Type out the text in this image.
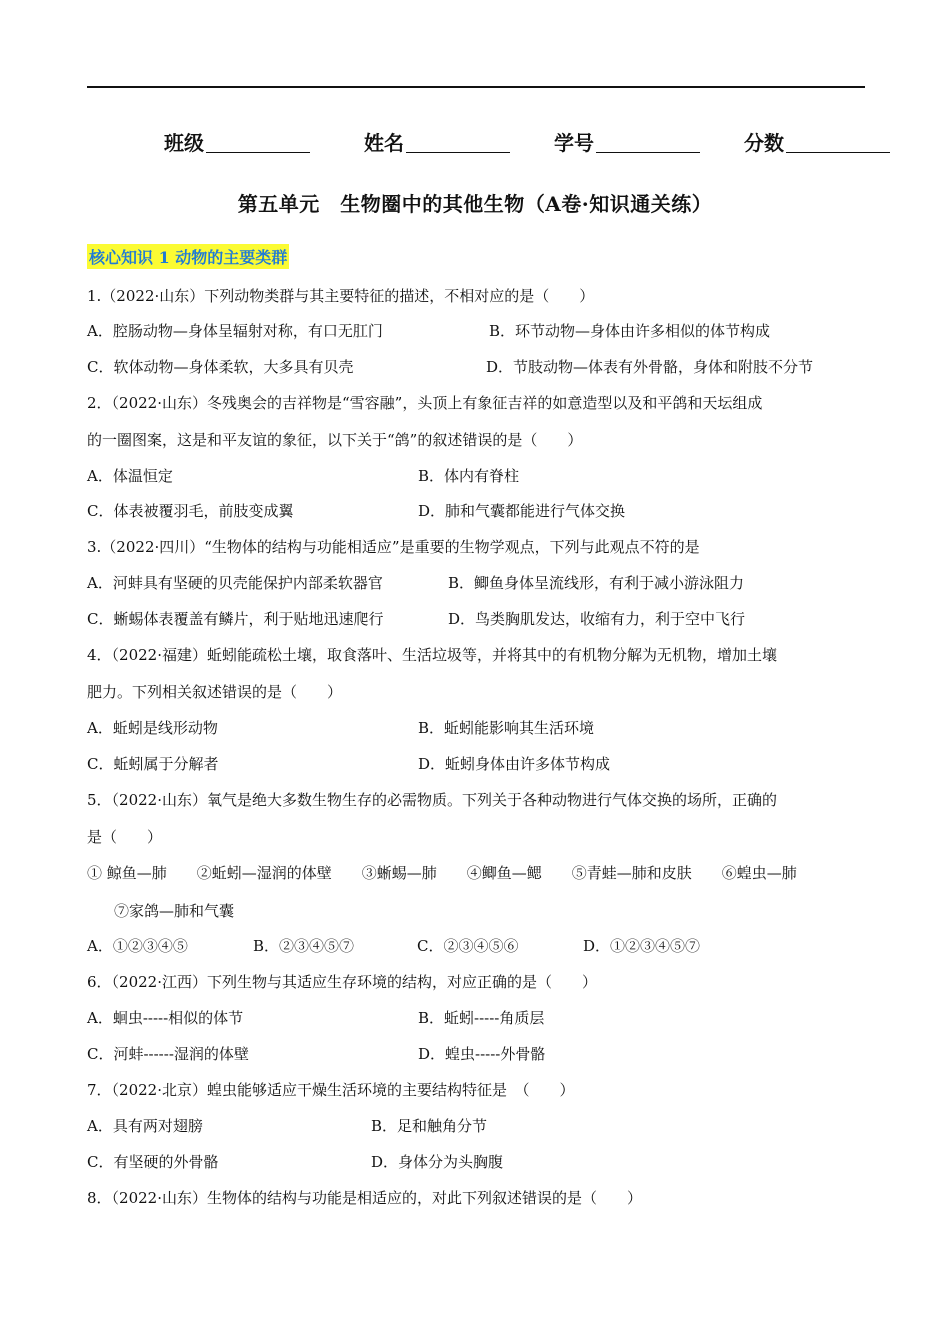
班级	姓名	学号	分数
第五单元　生物圈中的其他生物（A卷·知识通关练）
核心知识 1 动物的主要类群
1.（2022·山东）下列动物类群与其主要特征的描述，不相对应的是（　　）
A．腔肠动物—身体呈辐射对称，有口无肛门	B．环节动物—身体由许多相似的体节构成
C．软体动物—身体柔软，大多具有贝壳	D．节肢动物—体表有外骨骼，身体和附肢不分节
2．（2022·山东）冬残奥会的吉祥物是“雪容融”，头顶上有象征吉祥的如意造型以及和平鸽和天坛组成
的一圈图案，这是和平友谊的象征，以下关于“鸽”的叙述错误的是（　　）
A．体温恒定	B．体内有脊柱
C．体表被覆羽毛，前肢变成翼	D．肺和气囊都能进行气体交换
3.（2022·四川）“生物体的结构与功能相适应”是重要的生物学观点，下列与此观点不符的是
A．河蚌具有坚硬的贝壳能保护内部柔软器官	B．鲫鱼身体呈流线形，有利于减小游泳阻力
C．蜥蜴体表覆盖有鳞片，利于贴地迅速爬行	D．鸟类胸肌发达，收缩有力，利于空中飞行
4．（2022·福建）蚯蚓能疏松土壤，取食落叶、生活垃圾等，并将其中的有机物分解为无机物，增加土壤
肥力。下列相关叙述错误的是（　　）
A．蚯蚓是线形动物	B．蚯蚓能影响其生活环境
C．蚯蚓属于分解者	D．蚯蚓身体由许多体节构成
5．（2022·山东）氧气是绝大多数生物生存的必需物质。下列关于各种动物进行气体交换的场所，正确的
是（　　）
① 鲸鱼—肺　　②蚯蚓—湿润的体壁　　③蜥蜴—肺　　④鲫鱼—鳃　　⑤青蛙—肺和皮肤　　⑥蝗虫—肺
⑦家鸽—肺和气囊
A．①②③④⑤	B．②③④⑤⑦	C．②③④⑤⑥	D．①②③④⑤⑦
6．（2022·江西）下列生物与其适应生存环境的结构，对应正确的是（　　）
A．蛔虫-----相似的体节	B．蚯蚓-----角质层
C．河蚌------湿润的体壁	D．蝗虫-----外骨骼
7．（2022·北京）蝗虫能够适应干燥生活环境的主要结构特征是　（　　）
A．具有两对翅膀	B．足和触角分节
C．有坚硬的外骨骼	D．身体分为头胸腹
8．（2022·山东）生物体的结构与功能是相适应的，对此下列叙述错误的是（　　）
